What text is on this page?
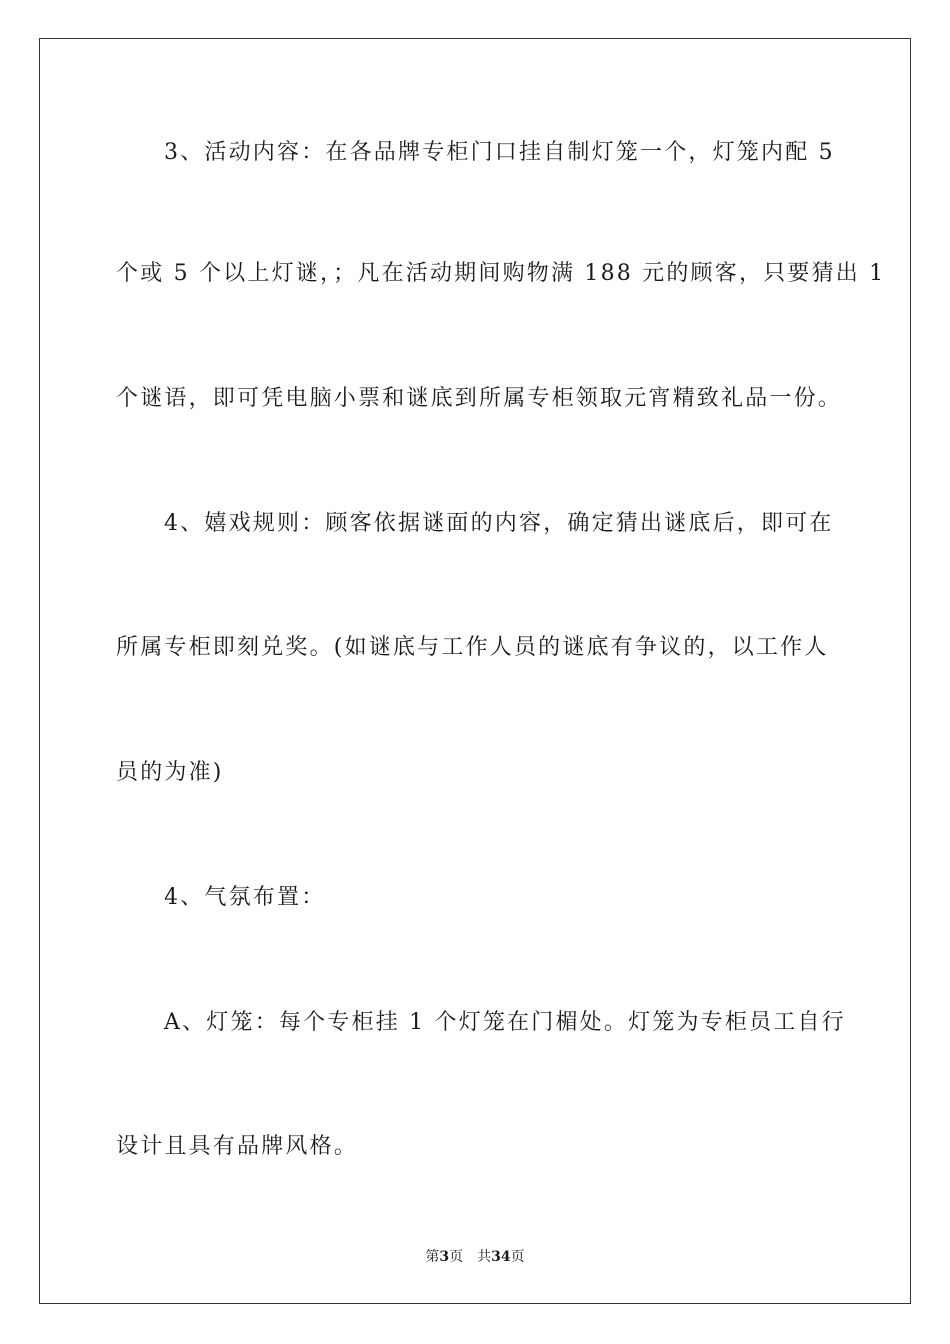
3、活动内容：在各品牌专柜门口挂自制灯笼一个，灯笼内配 5
个或 5 个以上灯谜，；凡在活动期间购物满 188 元的顾客，只要猜出 1
个谜语，即可凭电脑小票和谜底到所属专柜领取元宵精致礼品一份。
4、嬉戏规则：顾客依据谜面的内容，确定猜出谜底后，即可在
所属专柜即刻兑奖。(如谜底与工作人员的谜底有争议的，以工作人
员的为准)
4、气氛布置：
A、灯笼：每个专柜挂 1 个灯笼在门楣处。灯笼为专柜员工自行
设计且具有品牌风格。
第3页 共34页
